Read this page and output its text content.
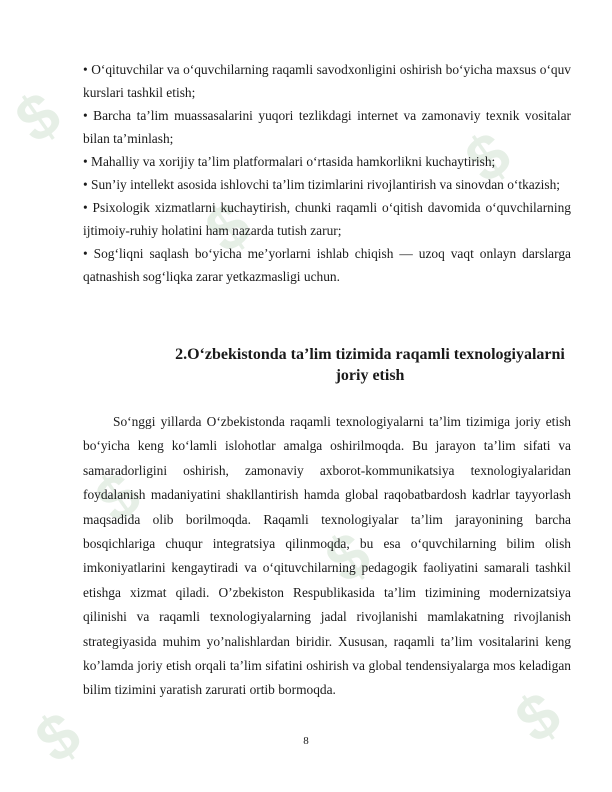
$
$
$
$
$
$	$

• O‘qituvchilar va o‘quvchilarning raqamli savodxonligini oshirish bo‘yicha maxsus o‘quv kurslari tashkil etish;

• Barcha ta’lim muassasalarini yuqori tezlikdagi internet va zamonaviy texnik vositalar bilan ta’minlash;

• Mahalliy va xorijiy ta’lim platformalari o‘rtasida hamkorlikni kuchaytirish;

• Sun’iy intellekt asosida ishlovchi ta’lim tizimlarini rivojlantirish va sinovdan o‘tkazish;

• Psixologik xizmatlarni kuchaytirish, chunki raqamli o‘qitish davomida o‘quvchilarning ijtimoiy-ruhiy holatini ham nazarda tutish zarur;

• Sog‘liqni saqlash bo‘yicha me’yorlarni ishlab chiqish — uzoq vaqt onlayn darslarga qatnashish sog‘liqka zarar yetkazmasligi uchun.

2.O‘zbekistonda ta’lim tizimida raqamli texnologiyalarni
joriy etish

So‘nggi yillarda O‘zbekistonda raqamli texnologiyalarni ta’lim tizimiga joriy etish bo‘yicha keng ko‘lamli islohotlar amalga oshirilmoqda. Bu jarayon ta’lim sifati va samaradorligini oshirish, zamonaviy axborot-kommunikatsiya texnologiyalaridan foydalanish madaniyatini shakllantirish hamda global raqobatbardosh kadrlar tayyorlash maqsadida olib borilmoqda. Raqamli texnologiyalar ta’lim jarayonining barcha bosqichlariga chuqur integratsiya qilinmoqda, bu esa o‘quvchilarning bilim olish imkoniyatlarini kengaytiradi va o‘qituvchilarning pedagogik faoliyatini samarali tashkil etishga xizmat qiladi. O’zbekiston Respublikasida ta’lim tizimining modernizatsiya qilinishi va raqamli texnologiyalarning jadal rivojlanishi mamlakatning rivojlanish strategiyasida muhim yo’nalishlardan biridir. Xususan, raqamli ta’lim vositalarini keng ko’lamda joriy etish orqali ta’lim sifatini oshirish va global tendensiyalarga mos keladigan bilim tizimini yaratish zarurati ortib bormoqda.

8
